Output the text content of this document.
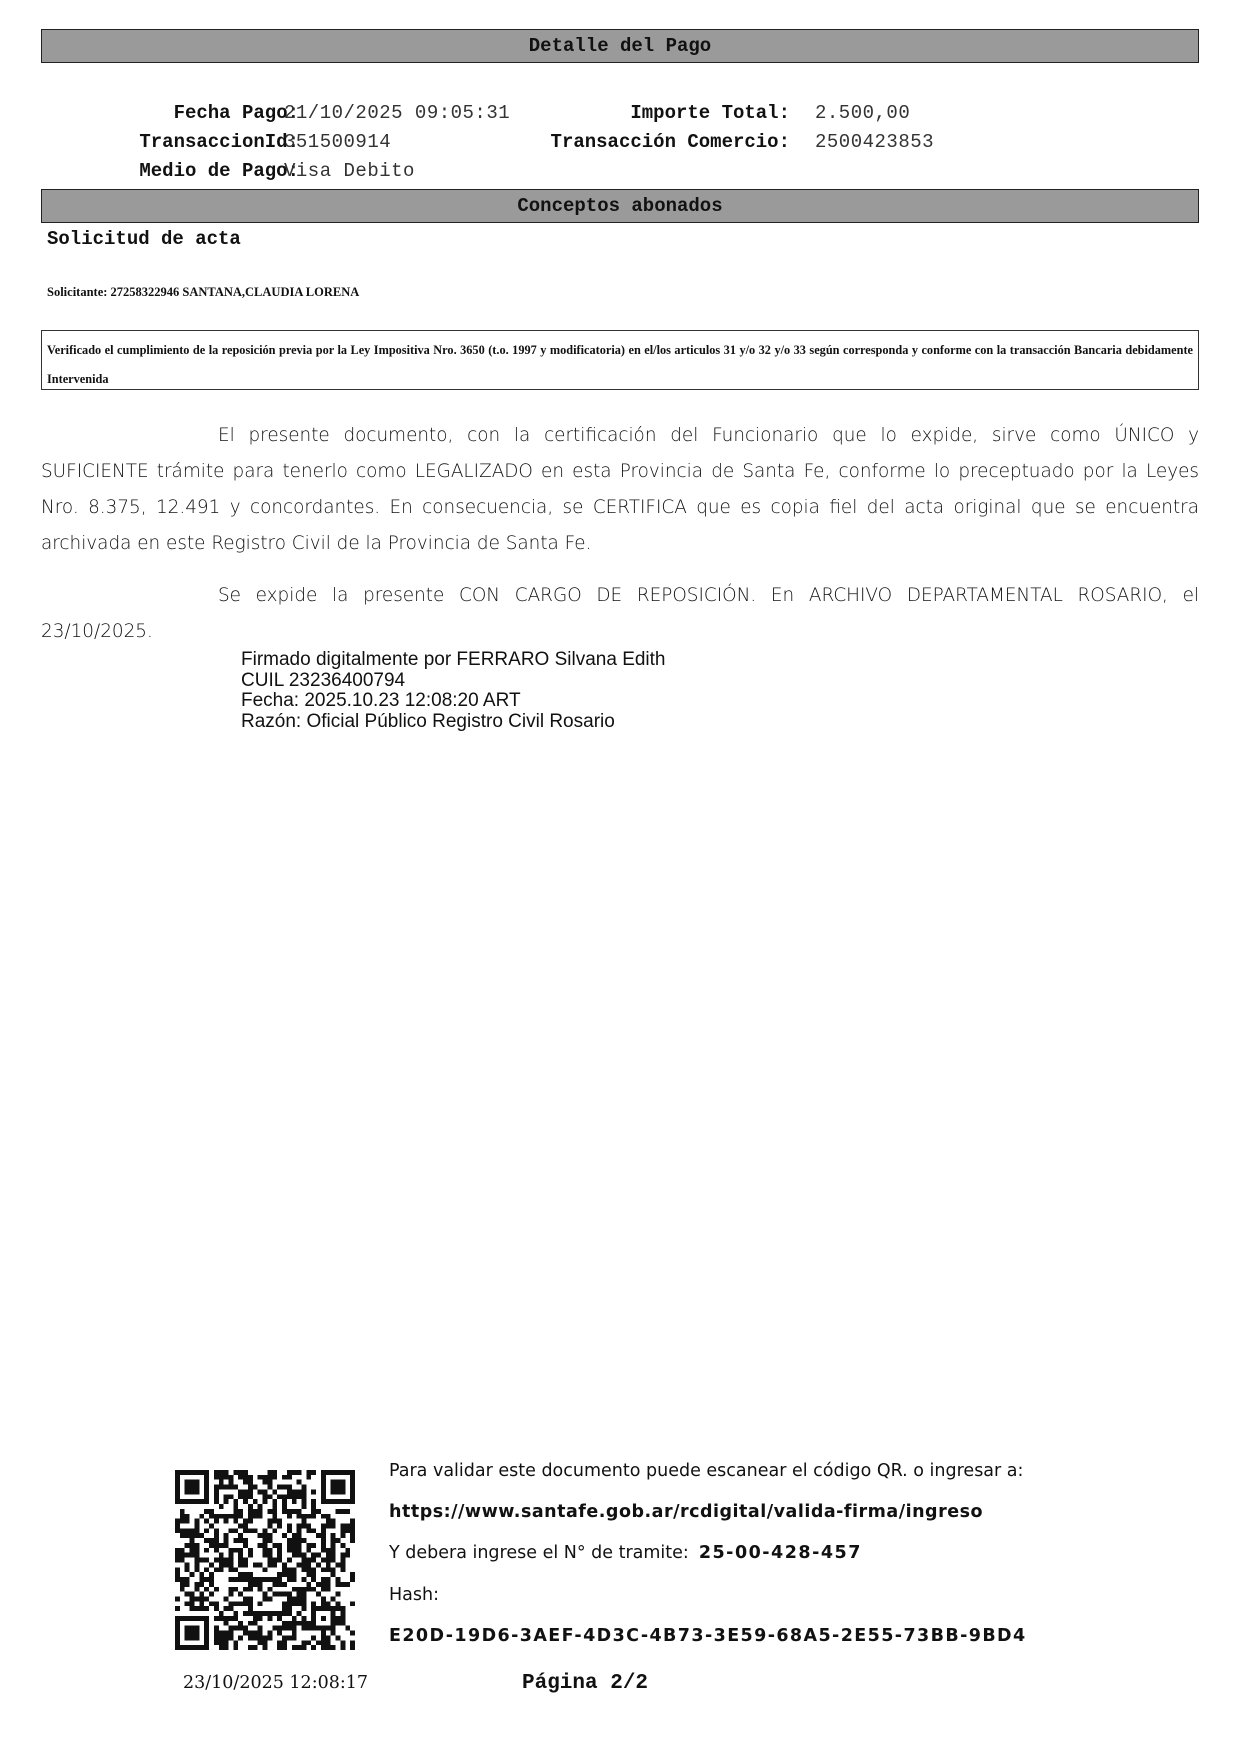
Detalle del Pago
Fecha Pago:
21/10/2025 09:05:31	Importe Total: 2.500,00
TransaccionId:
351500914	Transacción Comercio: 2500423853
Medio de Pago:
Visa Debito
Conceptos abonados
Solicitud de acta
Solicitante: 27258322946 SANTANA,CLAUDIA LORENA
Verificado el cumplimiento de la reposición previa por la Ley Impositiva Nro. 3650 (t.o. 1997 y modificatoria) en el/los articulos 31 y/o 32 y/o 33 según corresponda y conforme con la transacción Bancaria debidamente Intervenida
El presente documento, con la certificación del Funcionario que lo expide, sirve como ÚNICO y SUFICIENTE trámite para tenerlo como LEGALIZADO en esta Provincia de Santa Fe, conforme lo preceptuado por la Leyes Nro. 8.375, 12.491 y concordantes. En consecuencia, se CERTIFICA que es copia fiel del acta original que se encuentra archivada en este Registro Civil de la Provincia de Santa Fe.
Se expide la presente CON CARGO DE REPOSICIÓN. En ARCHIVO DEPARTAMENTAL ROSARIO, el 23/10/2025.
Firmado digitalmente por FERRARO Silvana Edith
CUIL 23236400794
Fecha: 2025.10.23 12:08:20 ART
Razón: Oficial Público Registro Civil Rosario
Para validar este documento puede escanear el código QR. o ingresar a:
https://www.santafe.gob.ar/rcdigital/valida-firma/ingreso
Y debera ingrese el N° de tramite: 25-00-428-457
Hash:
E20D-19D6-3AEF-4D3C-4B73-3E59-68A5-2E55-73BB-9BD4
23/10/2025 12:08:17	Página 2/2
